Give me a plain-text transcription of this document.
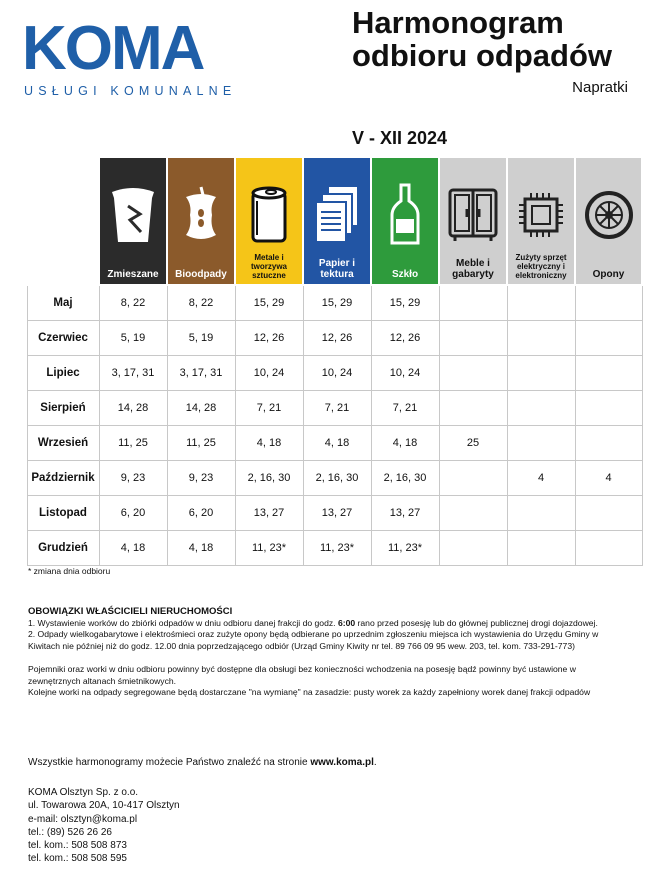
KOMA
USŁUGI KOMUNALNE
Harmonogram
odbioru odpadów
Napratki
V - XII 2024

	Zmieszane	Bioodpady	Metale i tworzywa sztuczne	Papier i tektura	Szkło	Meble i gabaryty	Zużyty sprzęt elektryczny i elektroniczny	Opony

Maj	8, 22	8, 22	15, 29	15, 29	15, 29			
Czerwiec	5, 19	5, 19	12, 26	12, 26	12, 26			
Lipiec	3, 17, 31	3, 17, 31	10, 24	10, 24	10, 24			
Sierpień	14, 28	14, 28	7, 21	7, 21	7, 21			
Wrzesień	11, 25	11, 25	4, 18	4, 18	4, 18	25		
Październik	9, 23	9, 23	2, 16, 30	2, 16, 30	2, 16, 30		4	4
Listopad	6, 20	6, 20	13, 27	13, 27	13, 27			
Grudzień	4, 18	4, 18	11, 23*	11, 23*	11, 23*			
* zmiana dnia odbioru

OBOWIĄZKI WŁAŚCICIELI NIERUCHOMOŚCI

1. Wystawienie worków do zbiórki odpadów w dniu odbioru danej frakcji do godz. 6:00 rano przed posesję lub do głównej publicznej drogi dojazdowej.

2. Odpady wielkogabarytowe i elektrośmieci oraz zużyte opony będą odbierane po uprzednim zgłoszeniu miejsca ich wystawienia do Urzędu Gminy w Kiwitach nie później niż do godz. 12.00 dnia poprzedzającego odbiór (Urząd Gminy Kiwity nr tel. 89 766 09 95 wew. 203, tel. kom. 733-291-773)

Pojemniki oraz worki w dniu odbioru powinny być dostępne dla obsługi bez konieczności wchodzenia na posesję bądź powinny być ustawione w zewnętrznych altanach śmietnikowych.

Kolejne worki na odpady segregowane będą dostarczane "na wymianę" na zasadzie: pusty worek za każdy zapełniony worek danej frakcji odpadów

Wszystkie harmonogramy możecie Państwo znaleźć na stronie www.koma.pl.
KOMA Olsztyn Sp. z o.o.
ul. Towarowa 20A, 10-417 Olsztyn
e-mail: olsztyn@koma.pl
tel.: (89) 526 26 26
tel. kom.: 508 508 873
tel. kom.: 508 508 595
